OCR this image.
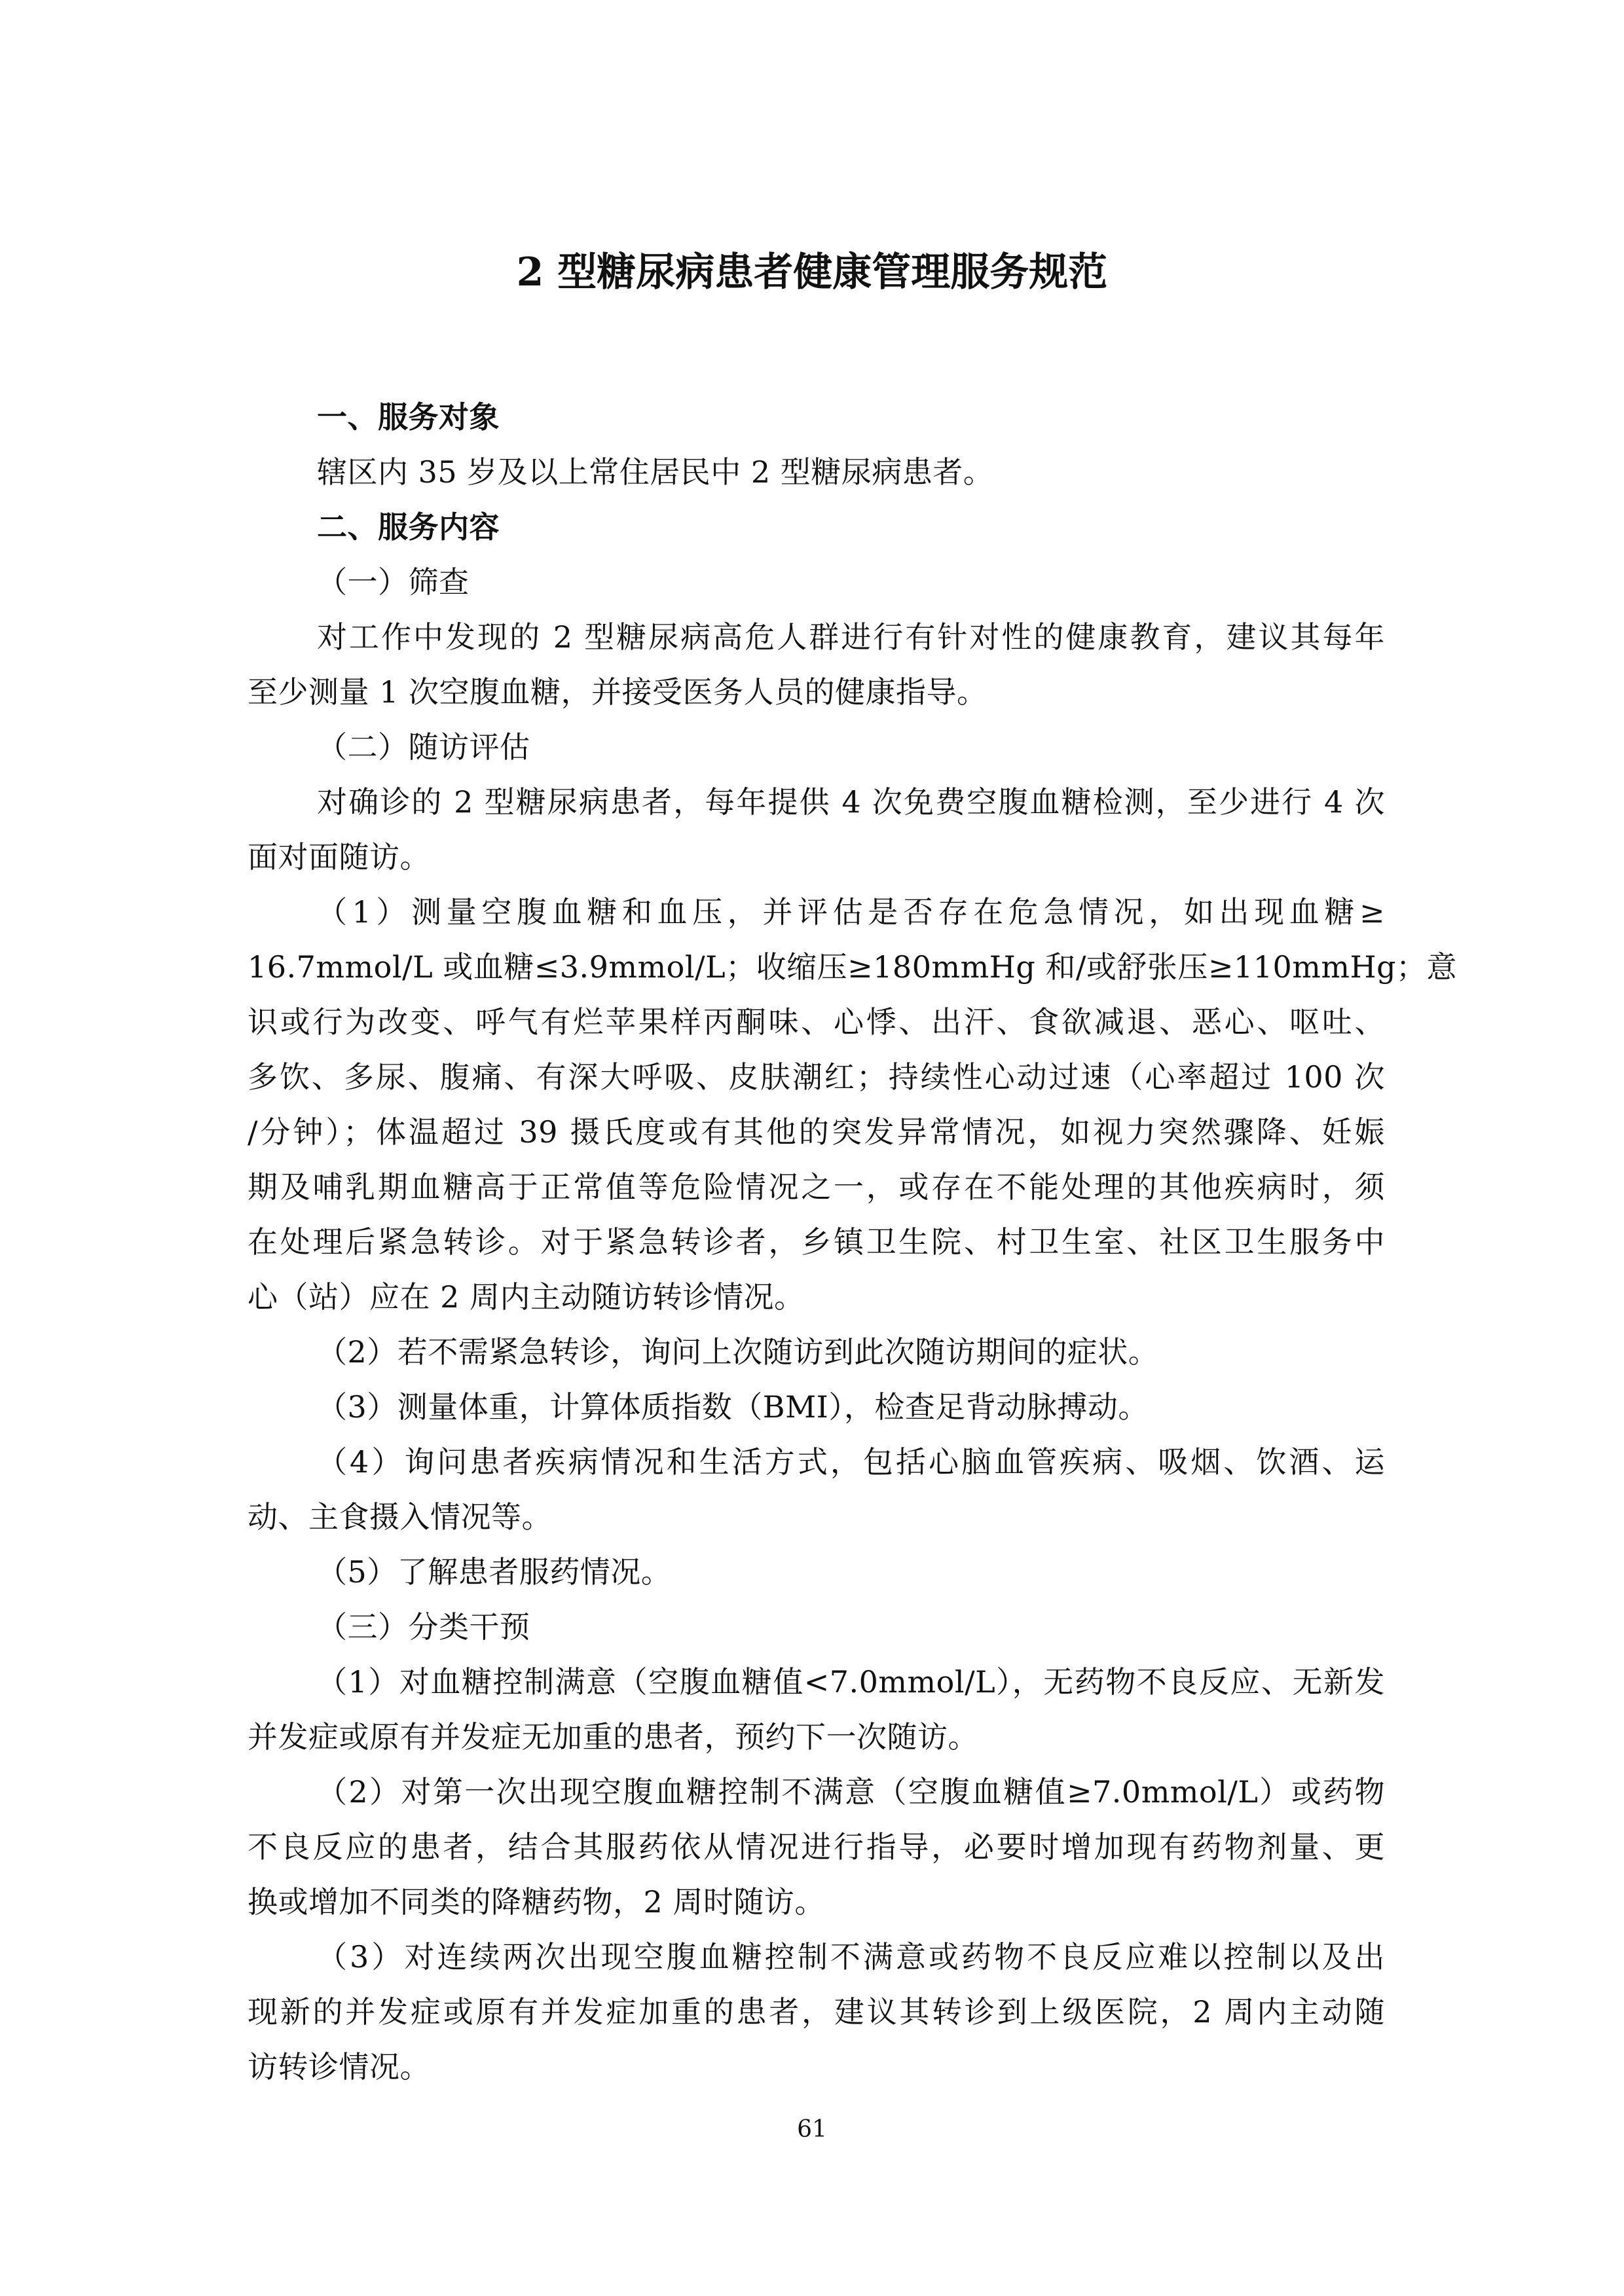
2 型糖尿病患者健康管理服务规范
一、服务对象
辖区内 35 岁及以上常住居民中 2 型糖尿病患者。
二、服务内容
（一）筛查
对工作中发现的 2 型糖尿病高危人群进行有针对性的健康教育，建议其每年
至少测量 1 次空腹血糖，并接受医务人员的健康指导。
（二）随访评估
对确诊的 2 型糖尿病患者，每年提供 4 次免费空腹血糖检测，至少进行 4 次
面对面随访。
（1）测量空腹血糖和血压，并评估是否存在危急情况，如出现血糖≥
16.7mmol/L 或血糖≤3.9mmol/L；收缩压≥180mmHg 和/或舒张压≥110mmHg；意
识或行为改变、呼气有烂苹果样丙酮味、心悸、出汗、食欲减退、恶心、呕吐、
多饮、多尿、腹痛、有深大呼吸、皮肤潮红；持续性心动过速（心率超过 100 次
/分钟）；体温超过 39 摄氏度或有其他的突发异常情况，如视力突然骤降、妊娠
期及哺乳期血糖高于正常值等危险情况之一，或存在不能处理的其他疾病时，须
在处理后紧急转诊。对于紧急转诊者，乡镇卫生院、村卫生室、社区卫生服务中
心（站）应在 2 周内主动随访转诊情况。
（2）若不需紧急转诊，询问上次随访到此次随访期间的症状。
（3）测量体重，计算体质指数（BMI），检查足背动脉搏动。
（4）询问患者疾病情况和生活方式，包括心脑血管疾病、吸烟、饮酒、运
动、主食摄入情况等。
（5）了解患者服药情况。
（三）分类干预
（1）对血糖控制满意（空腹血糖值<7.0mmol/L），无药物不良反应、无新发
并发症或原有并发症无加重的患者，预约下一次随访。
（2）对第一次出现空腹血糖控制不满意（空腹血糖值≥7.0mmol/L）或药物
不良反应的患者，结合其服药依从情况进行指导，必要时增加现有药物剂量、更
换或增加不同类的降糖药物，2 周时随访。
（3）对连续两次出现空腹血糖控制不满意或药物不良反应难以控制以及出
现新的并发症或原有并发症加重的患者，建议其转诊到上级医院，2 周内主动随
访转诊情况。
61
